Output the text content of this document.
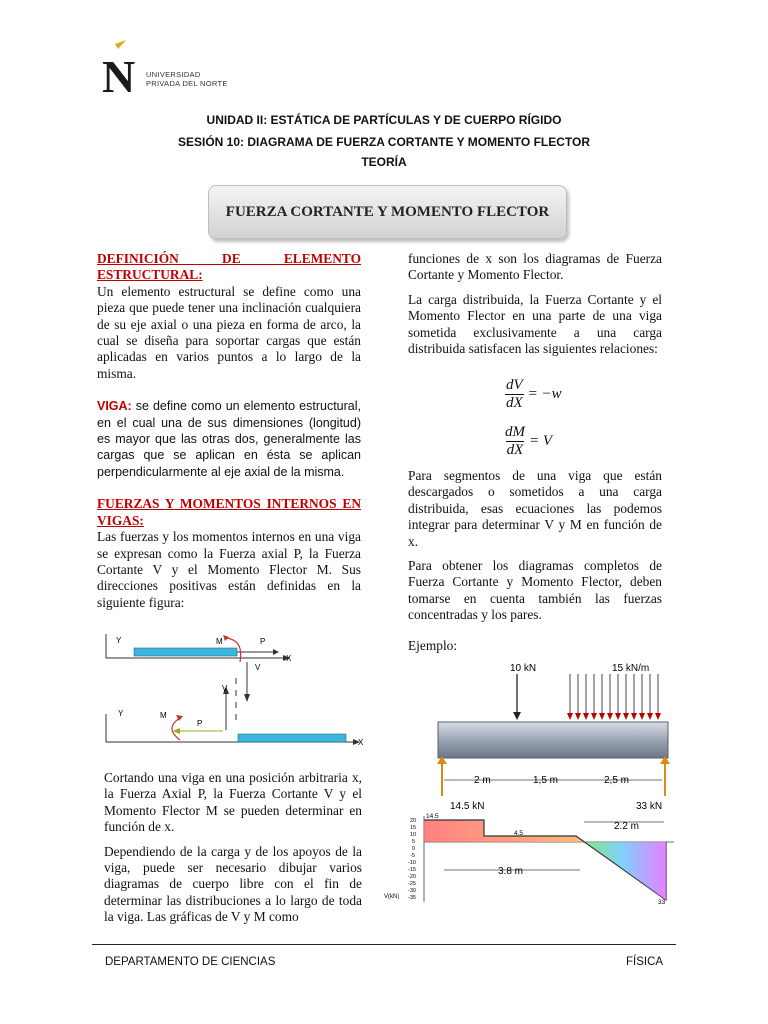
N UNIVERSIDAD
PRIVADA DEL NORTE
UNIDAD II: ESTÁTICA DE PARTÍCULAS Y DE CUERPO RÍGIDO
SESIÓN 10: DIAGRAMA DE FUERZA CORTANTE Y MOMENTO FLECTOR
TEORÍA
FUERZA CORTANTE Y MOMENTO FLECTOR

DEFINICIÓN DE ELEMENTO ESTRUCTURAL:

Un elemento estructural se define como una pieza que puede tener una inclinación cualquiera de su eje axial o una pieza en forma de arco, la cual se diseña para soportar cargas que están aplicadas en varios puntos a lo largo de la misma.

VIGA: se define como un elemento estructural, en el cual una de sus dimensiones (longitud) es mayor que las otras dos, generalmente las cargas que se aplican en ésta se aplican perpendicularmente al eje axial de la misma.

FUERZAS Y MOMENTOS INTERNOS EN VIGAS:

Las fuerzas y los momentos internos en una viga se expresan como la Fuerza axial P, la Fuerza Cortante V y el Momento Flector M. Sus direcciones positivas están definidas en la siguiente figura:

Y	M	P
X
V
V
Y	M
P
X

Cortando una viga en una posición arbitraria x, la Fuerza Axial P, la Fuerza Cortante V y el Momento Flector M se pueden determinar en función de x.

Dependiendo de la carga y de los apoyos de la viga, puede ser necesario dibujar varios diagramas de cuerpo libre con el fin de determinar las distribuciones a lo largo de toda la viga. Las gráficas de V y M como

funciones de x son los diagramas de Fuerza Cortante y Momento Flector.

La carga distribuida, la Fuerza Cortante y el Momento Flector en una parte de una viga sometida exclusivamente a una carga distribuida satisfacen las siguientes relaciones:

$\frac{dV}{dX} = -w$
$\frac{dM}{dX} = V$

Para segmentos de una viga que están descargados o sometidos a una carga distribuida, esas ecuaciones las podemos integrar para determinar V y M en función de x.

Para obtener los diagramas completos de Fuerza Cortante y Momento Flector, deben tomarse en cuenta también las fuerzas concentradas y los pares.

Ejemplo:

10 kN	15 kN/m
2 m	1,5 m	2,5 m
14.5 kN	33 kN
20
15
10
5
0
-5
-10
-15
-20
-25
-30
-35
14.5
4.5
33
2.2 m
3.8 m
V(kN)
DEPARTAMENTO DE CIENCIAS	FÍSICA
